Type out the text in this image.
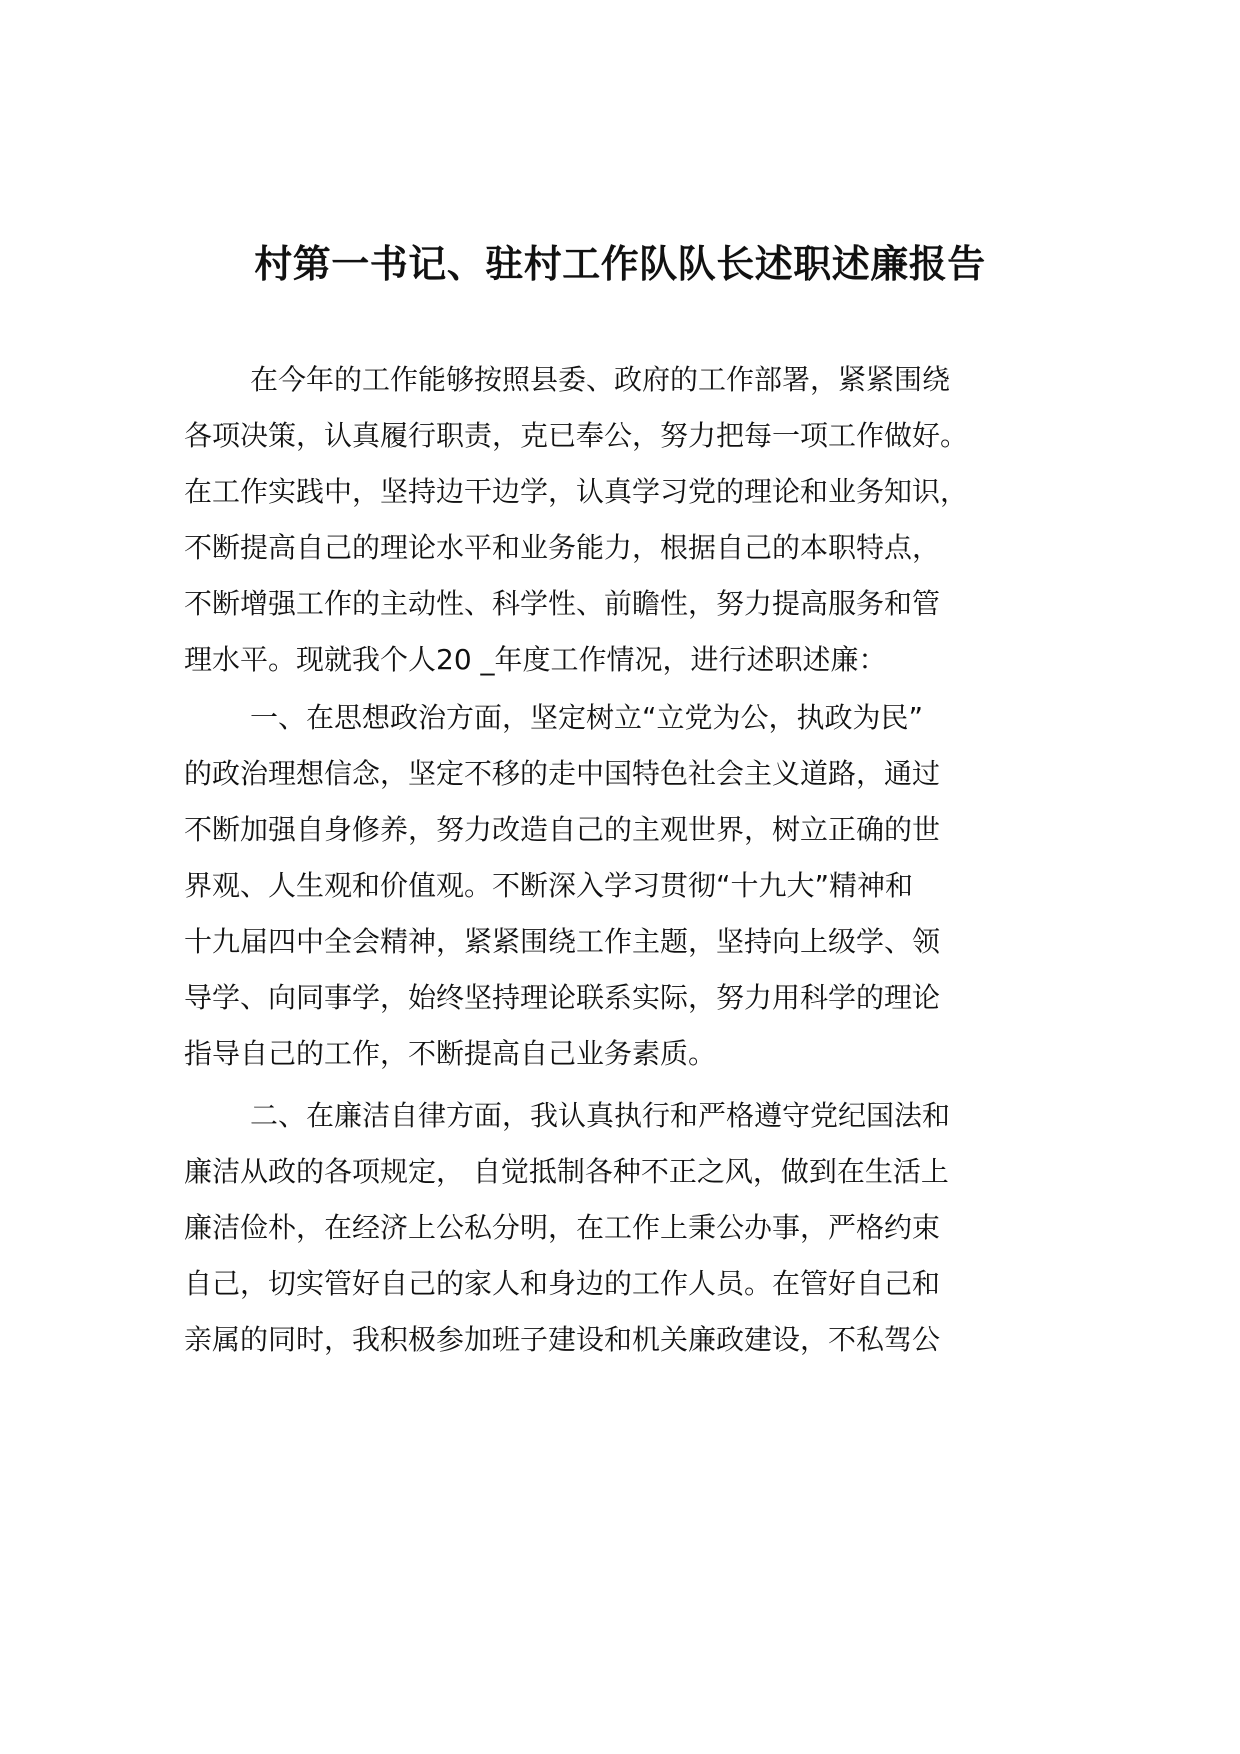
村第一书记、驻村工作队队长述职述廉报告
在今年的工作能够按照县委、政府的工作部署，紧紧围绕
各项决策，认真履行职责，克已奉公，努力把每一项工作做好。
在工作实践中，坚持边干边学，认真学习党的理论和业务知识，
不断提高自己的理论水平和业务能力，根据自己的本职特点，
不断增强工作的主动性、科学性、前瞻性，努力提高服务和管
理水平。现就我个人20 _年度工作情况，进行述职述廉：
一、在思想政治方面，坚定树立“立党为公，执政为民”
的政治理想信念，坚定不移的走中国特色社会主义道路，通过
不断加强自身修养，努力改造自己的主观世界，树立正确的世
界观、人生观和价值观。不断深入学习贯彻“十九大”精神和
十九届四中全会精神，紧紧围绕工作主题，坚持向上级学、领
导学、向同事学，始终坚持理论联系实际，努力用科学的理论
指导自己的工作，不断提高自己业务素质。
二、在廉洁自律方面，我认真执行和严格遵守党纪国法和
廉洁从政的各项规定， 自觉抵制各种不正之风，做到在生活上
廉洁俭朴，在经济上公私分明，在工作上秉公办事，严格约束
自己，切实管好自己的家人和身边的工作人员。在管好自己和
亲属的同时，我积极参加班子建设和机关廉政建设，不私驾公
